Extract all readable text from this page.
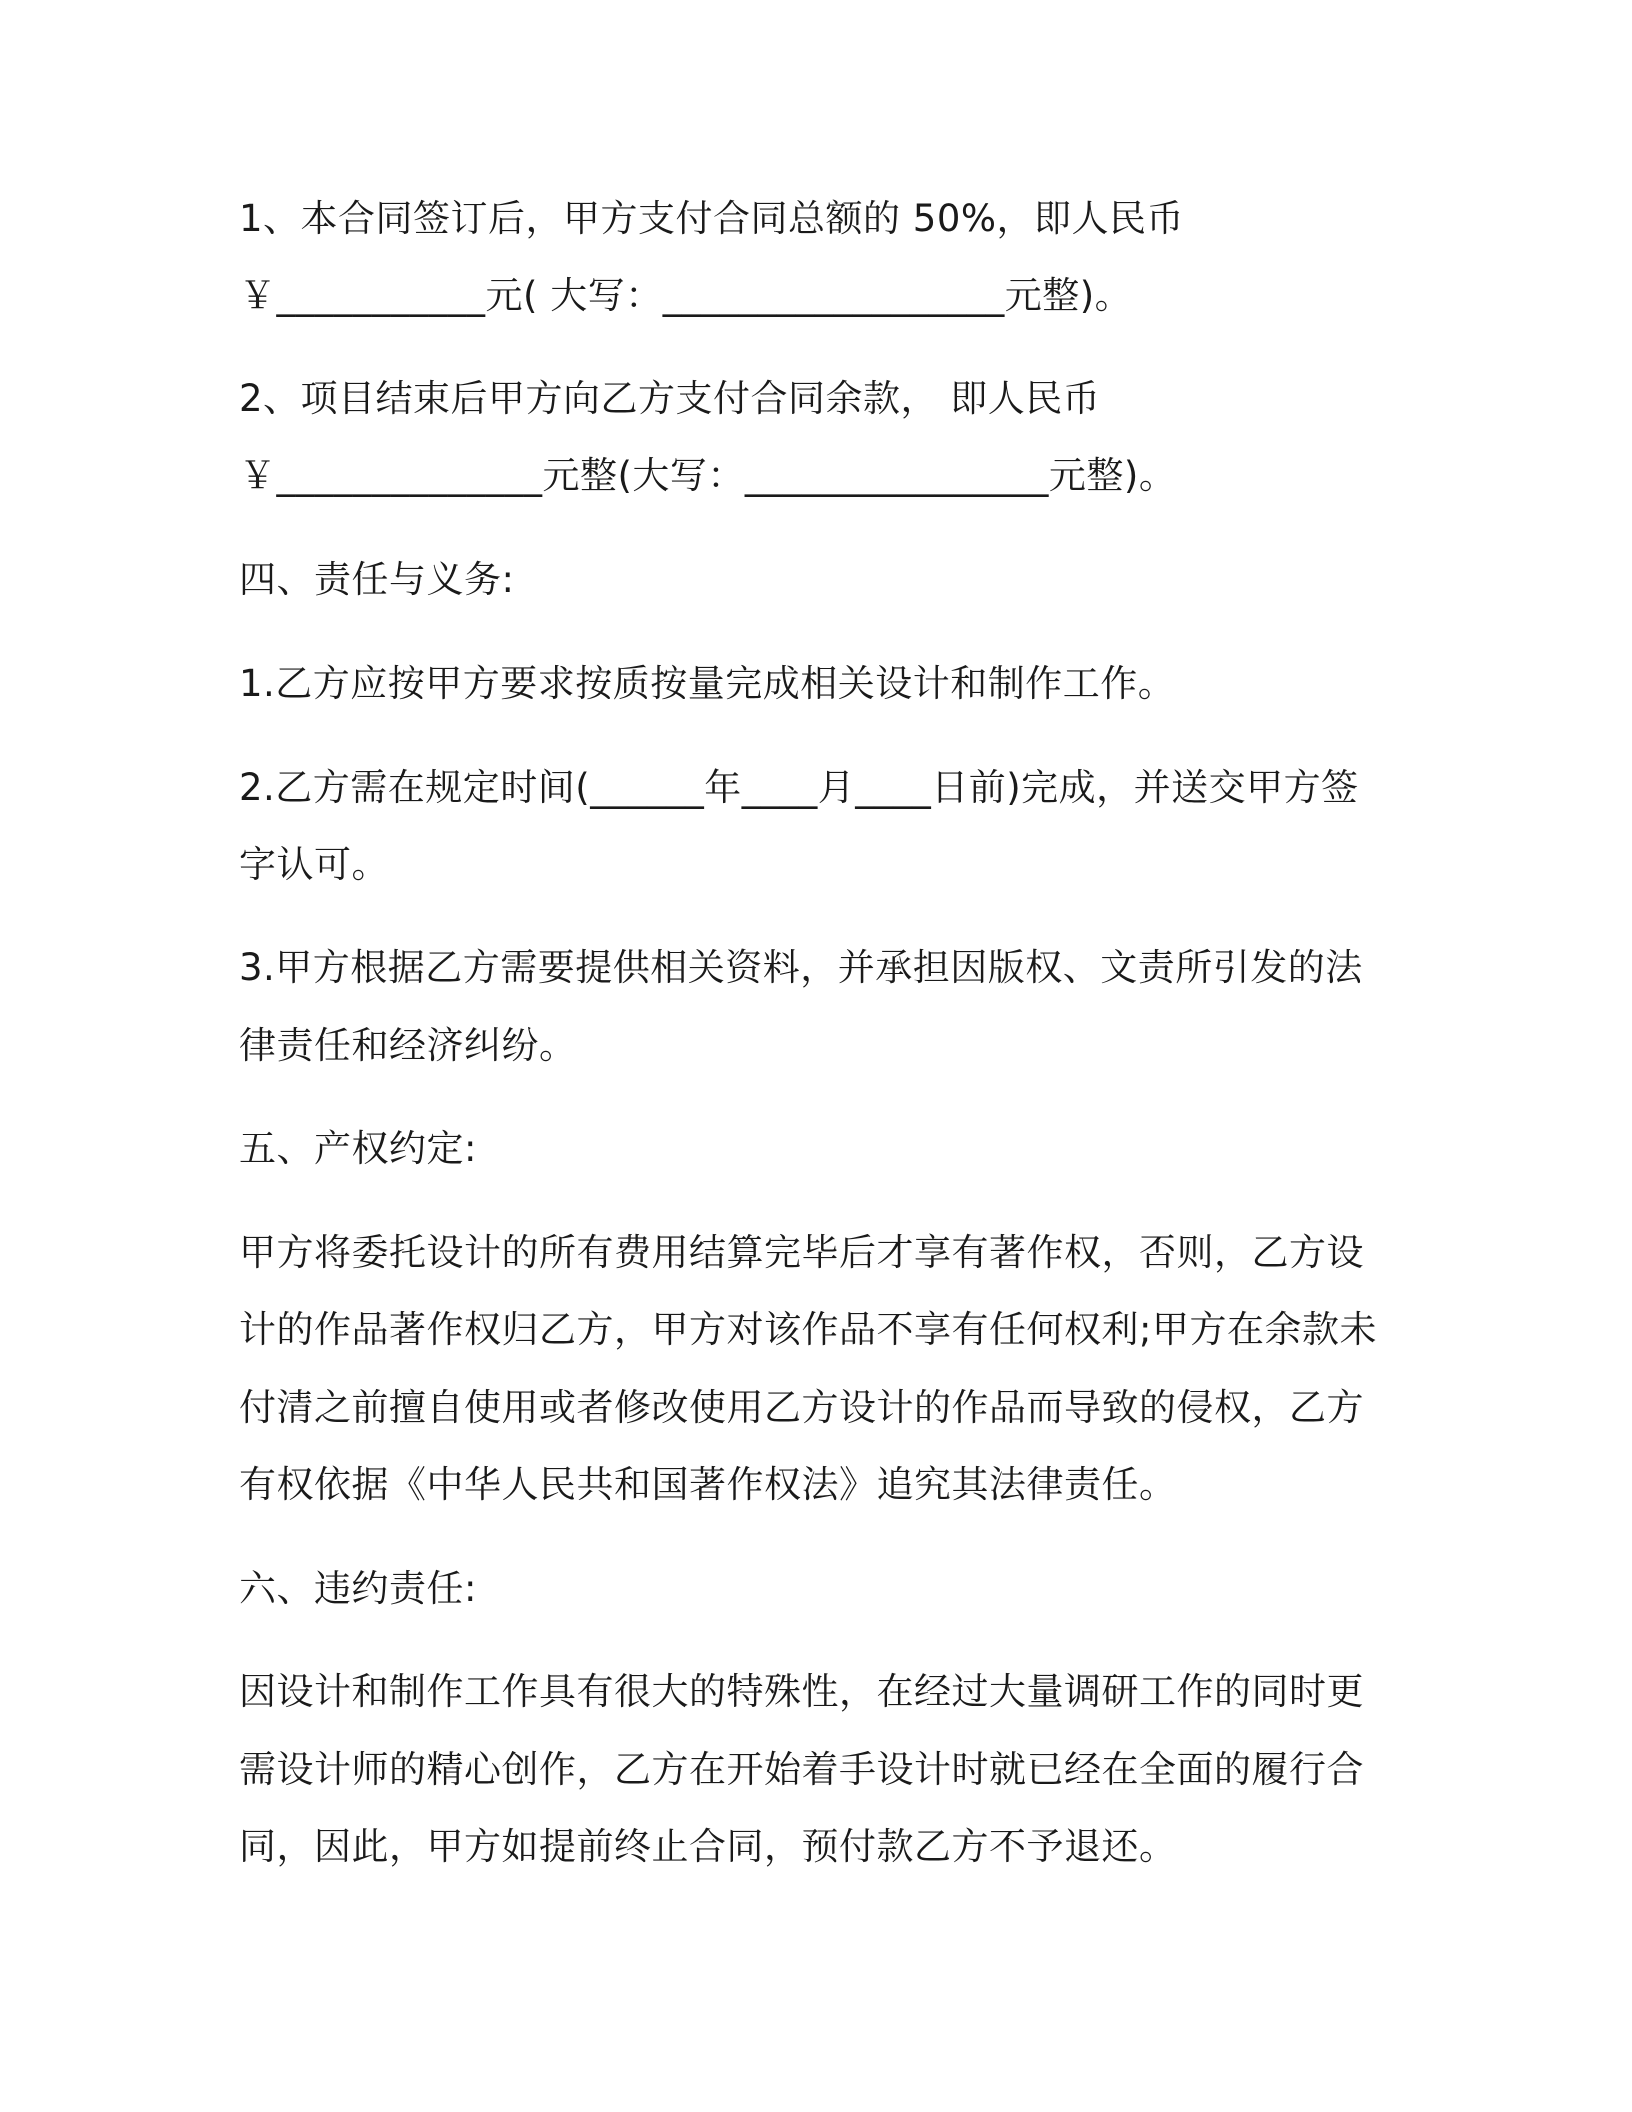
1、本合同签订后，甲方支付合同总额的 50%，即人民币
￥___________元( 大写：__________________元整)。
2、项目结束后甲方向乙方支付合同余款， 即人民币
￥______________元整(大写：________________元整)。
四、责任与义务:
1.乙方应按甲方要求按质按量完成相关设计和制作工作。
2.乙方需在规定时间(______年____月____日前)完成，并送交甲方签
字认可。
3.甲方根据乙方需要提供相关资料，并承担因版权、文责所引发的法
律责任和经济纠纷。
五、产权约定:
甲方将委托设计的所有费用结算完毕后才享有著作权，否则，乙方设
计的作品著作权归乙方，甲方对该作品不享有任何权利;甲方在余款未
付清之前擅自使用或者修改使用乙方设计的作品而导致的侵权，乙方
有权依据《中华人民共和国著作权法》追究其法律责任。
六、违约责任:
因设计和制作工作具有很大的特殊性，在经过大量调研工作的同时更
需设计师的精心创作，乙方在开始着手设计时就已经在全面的履行合
同，因此，甲方如提前终止合同，预付款乙方不予退还。
